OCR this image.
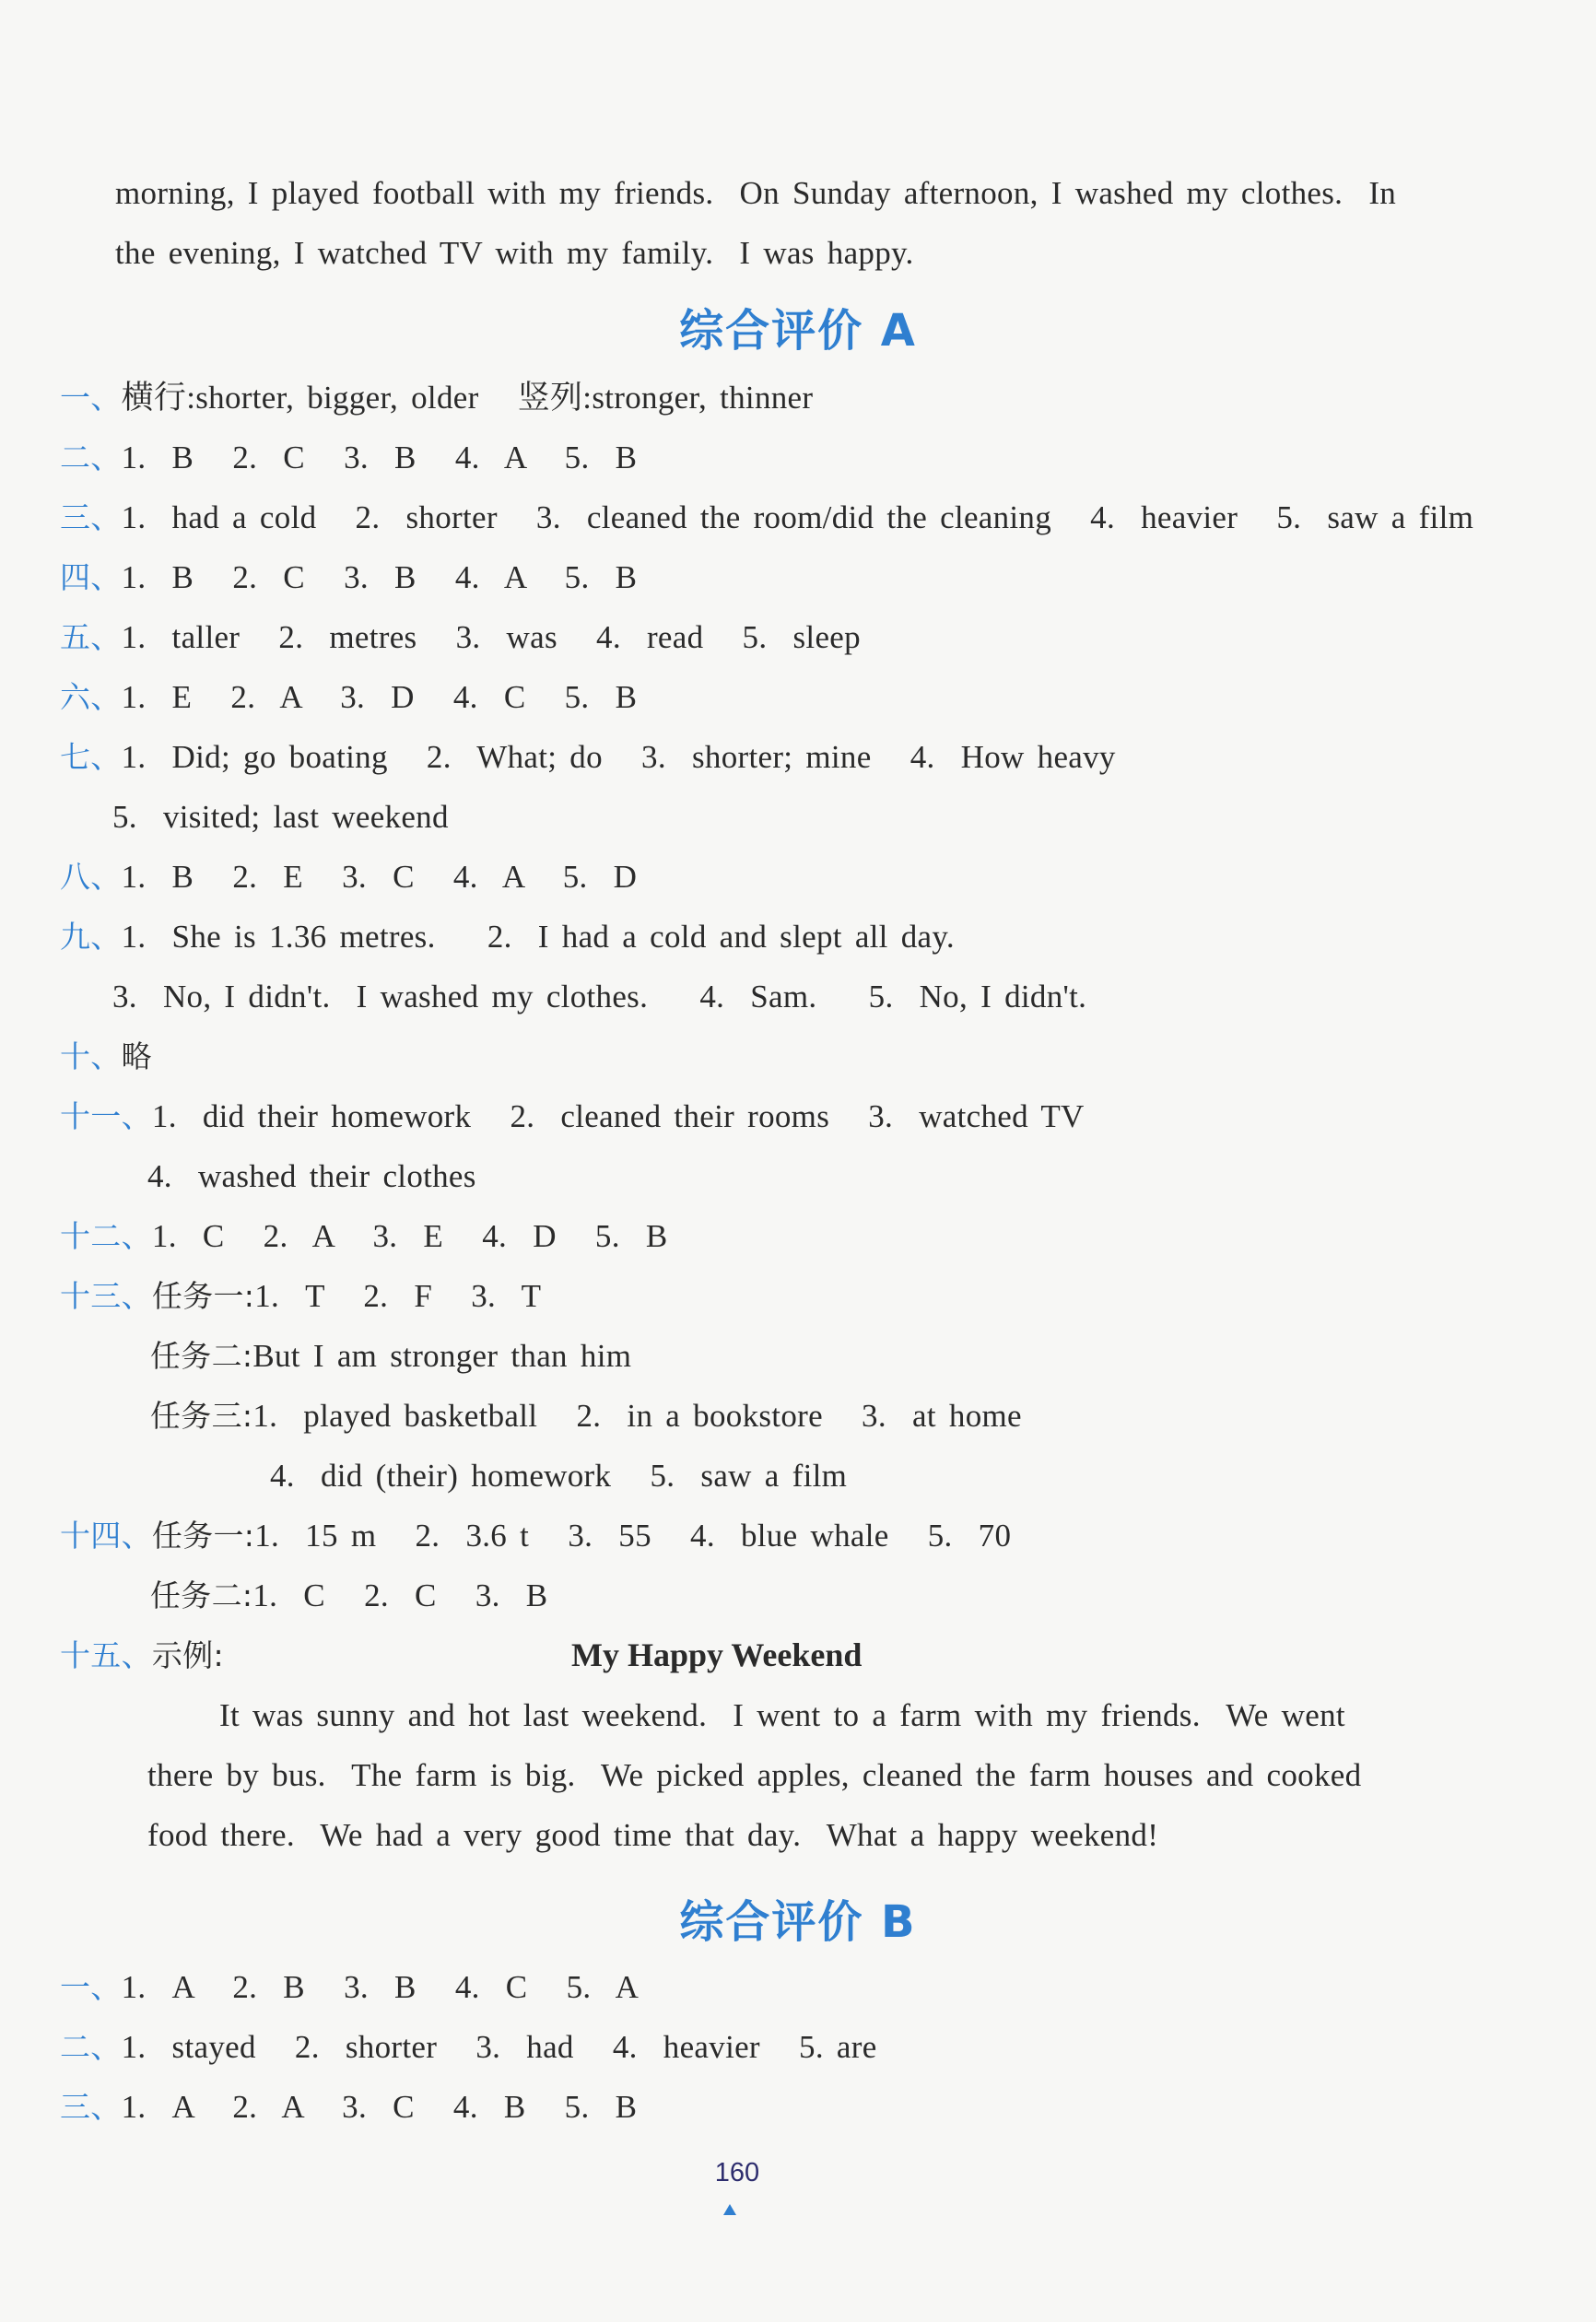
morning, I played football with my friends.  On Sunday afternoon, I washed my clothes.  In
the evening, I watched TV with my family.  I was happy.
综合评价 A
一、横行:shorter, bigger, older   竖列:stronger, thinner
二、1.  B   2.  C   3.  B   4.  A   5.  B
三、1.  had a cold   2.  shorter   3.  cleaned the room/did the cleaning   4.  heavier   5.  saw a film
四、1.  B   2.  C   3.  B   4.  A   5.  B
五、1.  taller   2.  metres   3.  was   4.  read   5.  sleep
六、1.  E   2.  A   3.  D   4.  C   5.  B
七、1.  Did; go boating   2.  What; do   3.  shorter; mine   4.  How heavy
5.  visited; last weekend
八、1.  B   2.  E   3.  C   4.  A   5.  D
九、1.  She is 1.36 metres.    2.  I had a cold and slept all day.
3.  No, I didn't.  I washed my clothes.    4.  Sam.    5.  No, I didn't.
十、略
十一、1.  did their homework   2.  cleaned their rooms   3.  watched TV
4.  washed their clothes
十二、1.  C   2.  A   3.  E   4.  D   5.  B
十三、任务一:1.  T   2.  F   3.  T
任务二:But I am stronger than him
任务三:1.  played basketball   2.  in a bookstore   3.  at home
4.  did (their) homework   5.  saw a film
十四、任务一:1.  15 m   2.  3.6 t   3.  55   4.  blue whale   5.  70
任务二:1.  C   2.  C   3.  B
十五、示例:	My Happy Weekend
It was sunny and hot last weekend.  I went to a farm with my friends.  We went
there by bus.  The farm is big.  We picked apples, cleaned the farm houses and cooked
food there.  We had a very good time that day.  What a happy weekend!
综合评价 B
一、1.  A   2.  B   3.  B   4.  C   5.  A
二、1.  stayed   2.  shorter   3.  had   4.  heavier   5. are
三、1.  A   2.  A   3.  C   4.  B   5.  B
160
